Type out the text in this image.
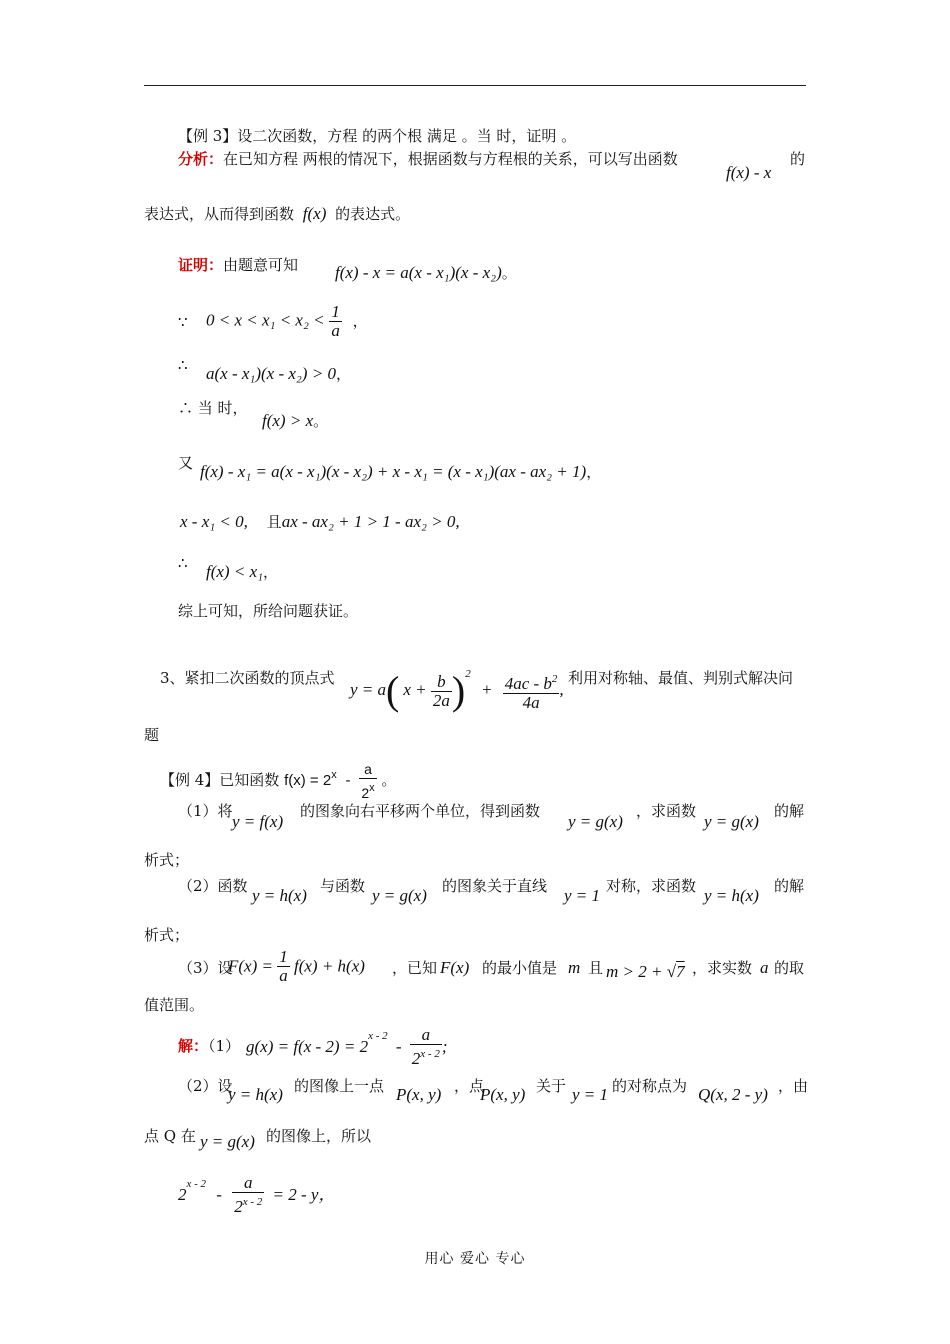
【例 3】设二次函数，方程 的两个根 满足 。当 时，证明 。
分析：在已知方程 两根的情况下，根据函数与方程根的关系，可以写出函数
f(x) - x
的
表达式，从而得到函数 f(x) 的表达式。
证明：由题意可知 f(x) - x = a(x - x₁)(x - x₂)。
∵ $0 < x < x_1 < x_2 < \frac{1}{a}$ ，
∴ a(x - x₁)(x - x₂) > 0，
∴ 当 时，
f(x) > x。
又 f(x) - x₁ = a(x - x₁)(x - x₂) + x - x₁ = (x - x₁)(ax - ax₂ + 1)，
x - x₁ < 0, 且ax - ax₂ + 1 > 1 - ax₂ > 0,
∴ f(x) < x₁，
综上可知，所给问题获证。
3、紧扣二次函数的顶点式
y = a( $x + \frac{b}{2a} )^2 + \frac{4ac - b^2}{4a}$ ,
利用对称轴、最值、判别式解决问
题
【例 4】已知函数 $f(x) = 2^x - \frac{a}{2^x}$ 。
（1）将
y = f(x)
的图象向右平移两个单位，得到函数
y = g(x)
，求函数
y = g(x)
的解
析式；
（2）函数 y = h(x) 与函数 y = g(x) 的图象关于直线 y = 1 对称，求函数 y = h(x) 的解
析式；
（3）设
$F(x) = \frac{1}{a} f(x) + h(x)$ ，已知 F(x) 的最小值是 m 且 m > 2 + √7 ，求实数 a 的取
值范围。
解：（1） $g(x) = f(x - 2) = 2^{x - 2} - \frac{a}{2^{x - 2}}$ ;
（2）设
y = h(x) 的图像上一点 P(x, y) ，点
P(x, y) 关于 y = 1 的对称点为 Q(x, 2 - y) ，由
点 Q 在 y = g(x) 的图像上，所以
$2^{x - 2} - \frac{a}{2^{x - 2}} = 2 - y$，
用心 爱心 专心
